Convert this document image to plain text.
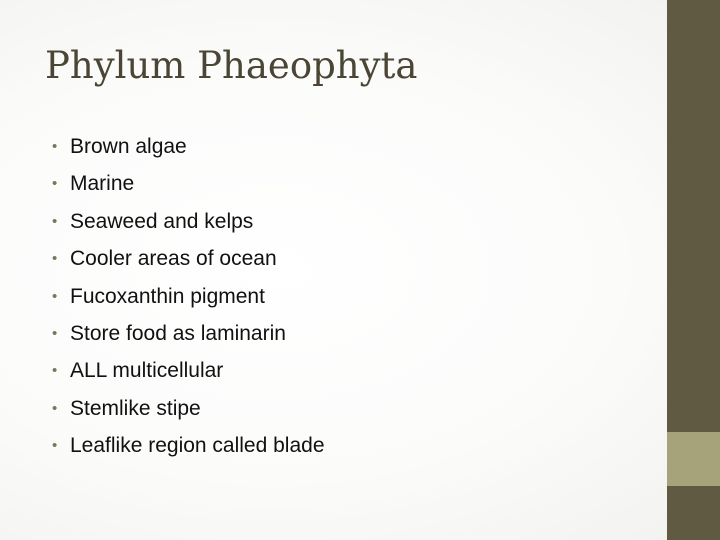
Phylum Phaeophyta
• Brown algae
• Marine
• Seaweed and kelps
• Cooler areas of ocean
• Fucoxanthin pigment
• Store food as laminarin
• ALL multicellular
• Stemlike stipe
• Leaflike region called blade
